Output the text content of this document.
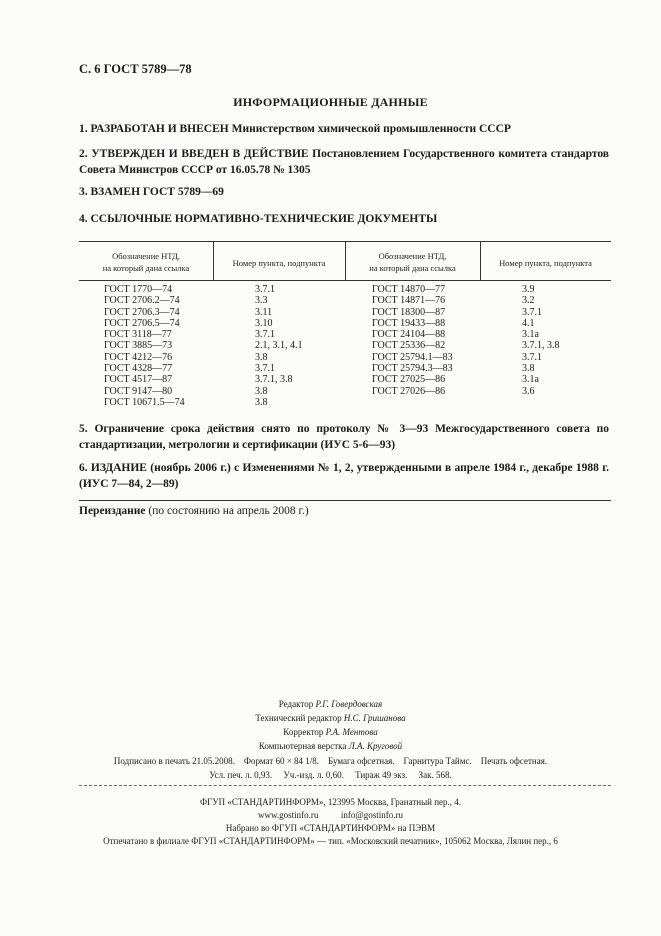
С. 6 ГОСТ 5789—78
ИНФОРМАЦИОННЫЕ ДАННЫЕ
1. РАЗРАБОТАН И ВНЕСЕН Министерством химической промышленности СССР
2. УТВЕРЖДЕН И ВВЕДЕН В ДЕЙСТВИЕ Постановлением Государственного комитета стандартов Совета Министров СССР от 16.05.78 № 1305
3. ВЗАМЕН ГОСТ 5789—69
4. ССЫЛОЧНЫЕ НОРМАТИВНО-ТЕХНИЧЕСКИЕ ДОКУМЕНТЫ
Обозначение НТД,
на который дана ссылка	Номер пункта, подпункта
Обозначение НТД,
на который дана ссылка	Номер пункта, подпункта
ГОСТ 1770—74
ГОСТ 2706.2—74
ГОСТ 2706.3—74
ГОСТ 2706.5—74
ГОСТ 3118—77
ГОСТ 3885—73
ГОСТ 4212—76
ГОСТ 4328—77
ГОСТ 4517—87
ГОСТ 9147—80
ГОСТ 10671.5—74
3.7.1
3.3
3.11
3.10
3.7.1
2.1, 3.1, 4.1
3.8
3.7.1
3.7.1, 3.8
3.8
3.8
ГОСТ 14870—77
ГОСТ 14871—76
ГОСТ 18300—87
ГОСТ 19433—88
ГОСТ 24104—88
ГОСТ 25336—82
ГОСТ 25794.1—83
ГОСТ 25794.3—83
ГОСТ 27025—86
ГОСТ 27026—86
3.9
3.2
3.7.1
4.1
3.1а
3.7.1, 3.8
3.7.1
3.8
3.1а
3.6
5. Ограничение срока действия снято по протоколу № 3—93 Межгосударственного совета по стандартизации, метрологии и сертификации (ИУС 5-6—93)
6. ИЗДАНИЕ (ноябрь 2006 г.) с Изменениями № 1, 2, утвержденными в апреле 1984 г., декабре 1988 г. (ИУС 7—84, 2—89)
Переиздание (по состоянию на апрель 2008 г.)
Редактор Р.Г. Говердовская
Технический редактор Н.С. Гришанова
Корректор Р.А. Ментова
Компьютерная верстка Л.А. Круговой
Подписано в печать 21.05.2008.    Формат 60 × 84 1/8.    Бумага офсетная.    Гарнитура Таймс.    Печать офсетная.
Усл. печ. л. 0,93.     Уч.-изд. л. 0,60.     Тираж 49 экз.     Зак. 568.
ФГУП «СТАНДАРТИНФОРМ», 123995 Москва, Гранатный пер., 4.
www.gostinfo.ru          info@gostinfo.ru
Набрано во ФГУП «СТАНДАРТИНФОРМ» на ПЭВМ
Отпечатано в филиале ФГУП «СТАНДАРТИНФОРМ» — тип. «Московский печатник», 105062 Москва, Лялин пер., 6
